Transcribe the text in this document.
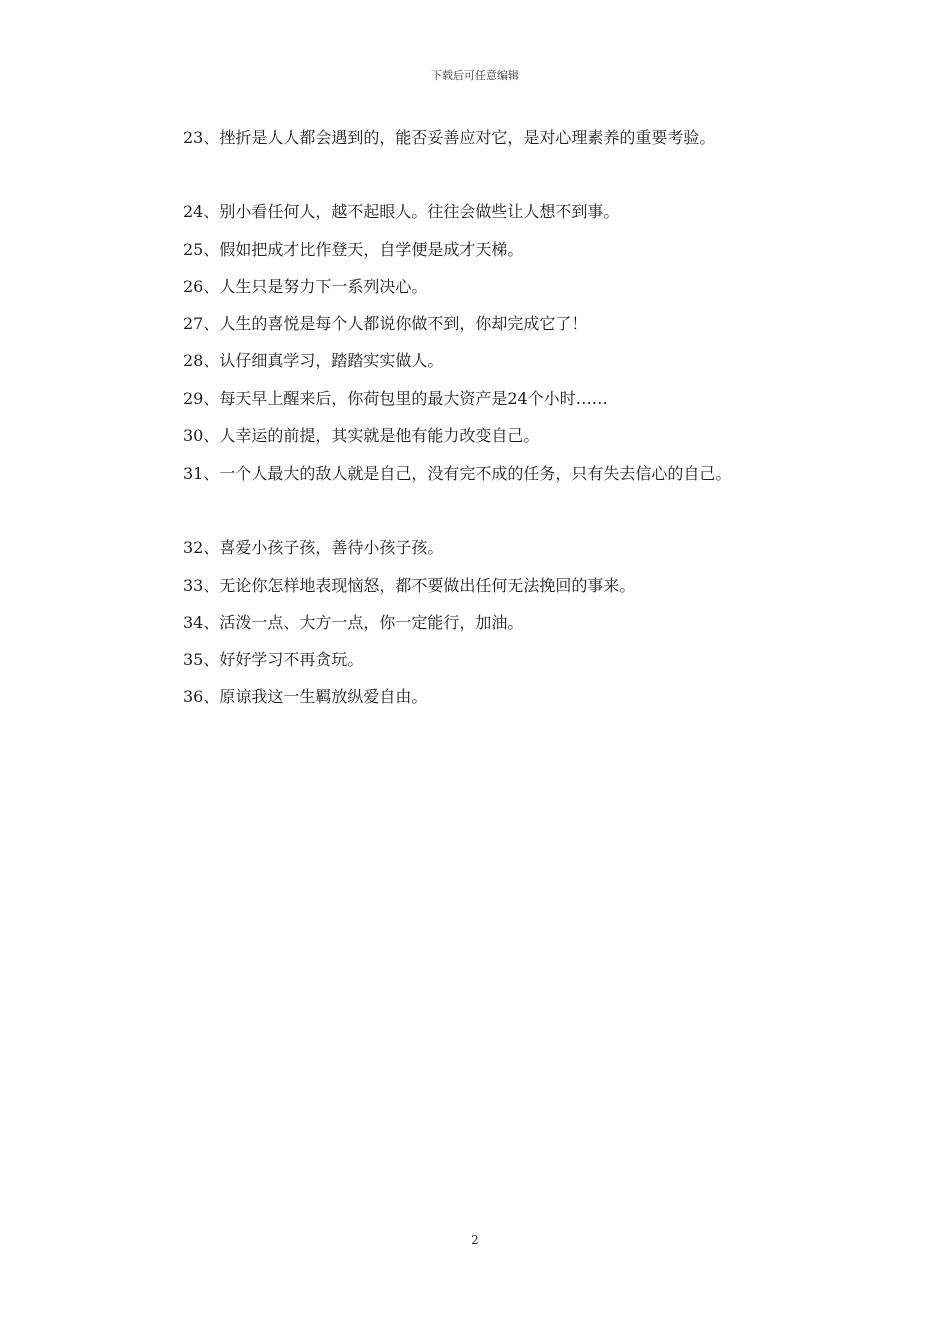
下载后可任意编辑
23、挫折是人人都会遇到的，能否妥善应对它，是对心理素养的重要考验。
24、别小看任何人，越不起眼人。往往会做些让人想不到事。
25、假如把成才比作登天，自学便是成才天梯。
26、人生只是努力下一系列决心。
27、人生的喜悦是每个人都说你做不到，你却完成它了！
28、认仔细真学习，踏踏实实做人。
29、每天早上醒来后，你荷包里的最大资产是24个小时……
30、人幸运的前提，其实就是他有能力改变自己。
31、一个人最大的敌人就是自己，没有完不成的任务，只有失去信心的自己。
32、喜爱小孩子孩，善待小孩子孩。
33、无论你怎样地表现恼怒，都不要做出任何无法挽回的事来。
34、活泼一点、大方一点，你一定能行，加油。
35、好好学习不再贪玩。
36、原谅我这一生羁放纵爱自由。
2
